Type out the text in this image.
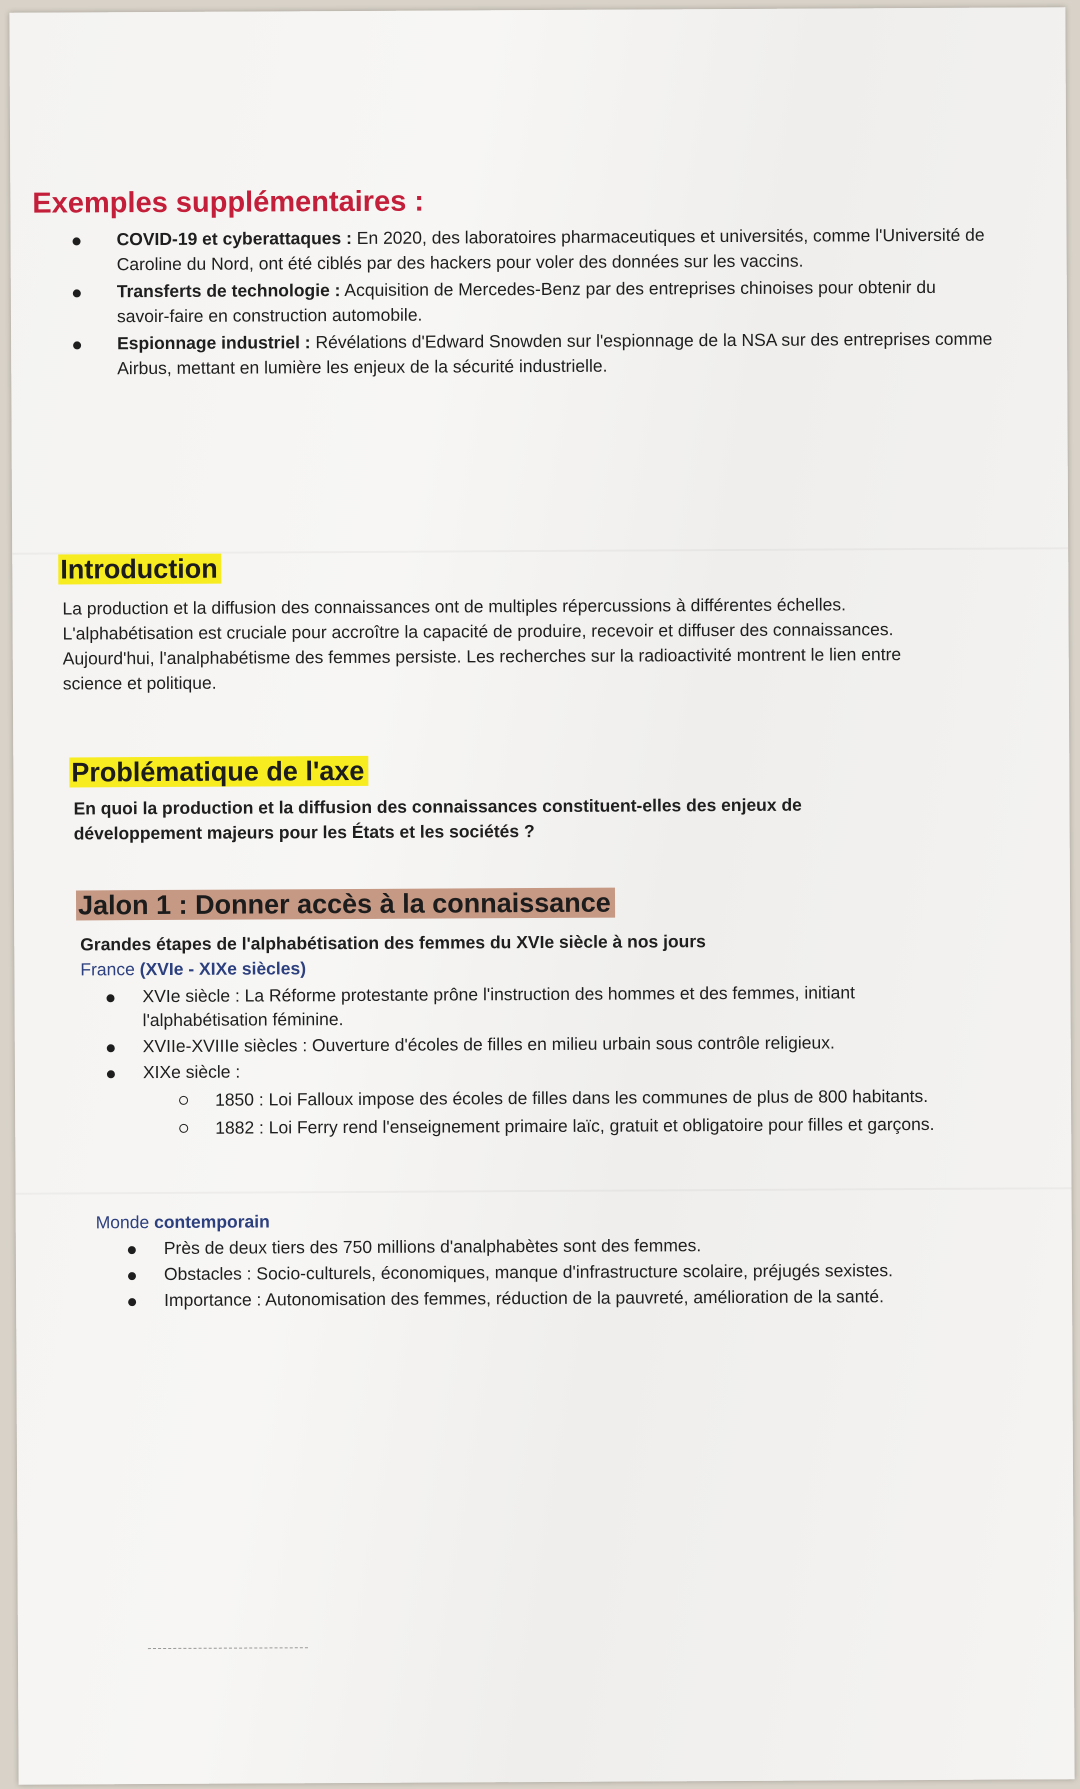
Exemples supplémentaires :
COVID-19 et cyberattaques : En 2020, des laboratoires pharmaceutiques et universités, comme l'Université de Caroline du Nord, ont été ciblés par des hackers pour voler des données sur les vaccins.
Transferts de technologie : Acquisition de Mercedes-Benz par des entreprises chinoises pour obtenir du savoir-faire en construction automobile.
Espionnage industriel : Révélations d'Edward Snowden sur l'espionnage de la NSA sur des entreprises comme Airbus, mettant en lumière les enjeux de la sécurité industrielle.
Introduction

La production et la diffusion des connaissances ont de multiples répercussions à différentes échelles. L'alphabétisation est cruciale pour accroître la capacité de produire, recevoir et diffuser des connaissances. Aujourd'hui, l'analphabétisme des femmes persiste. Les recherches sur la radioactivité montrent le lien entre science et politique.

Problématique de l'axe

En quoi la production et la diffusion des connaissances constituent-elles des enjeux de développement majeurs pour les États et les sociétés ?

Jalon 1 : Donner accès à la connaissance

Grandes étapes de l'alphabétisation des femmes du XVIe siècle à nos jours

France (XVIe - XIXe siècles)

XVIe siècle : La Réforme protestante prône l'instruction des hommes et des femmes, initiant l'alphabétisation féminine.
XVIIe-XVIIIe siècles : Ouverture d'écoles de filles en milieu urbain sous contrôle religieux.
XIXe siècle :
1850 : Loi Falloux impose des écoles de filles dans les communes de plus de 800 habitants.
1882 : Loi Ferry rend l'enseignement primaire laïc, gratuit et obligatoire pour filles et garçons.

Monde contemporain

Près de deux tiers des 750 millions d'analphabètes sont des femmes.
Obstacles : Socio-culturels, économiques, manque d'infrastructure scolaire, préjugés sexistes.
Importance : Autonomisation des femmes, réduction de la pauvreté, amélioration de la santé.
